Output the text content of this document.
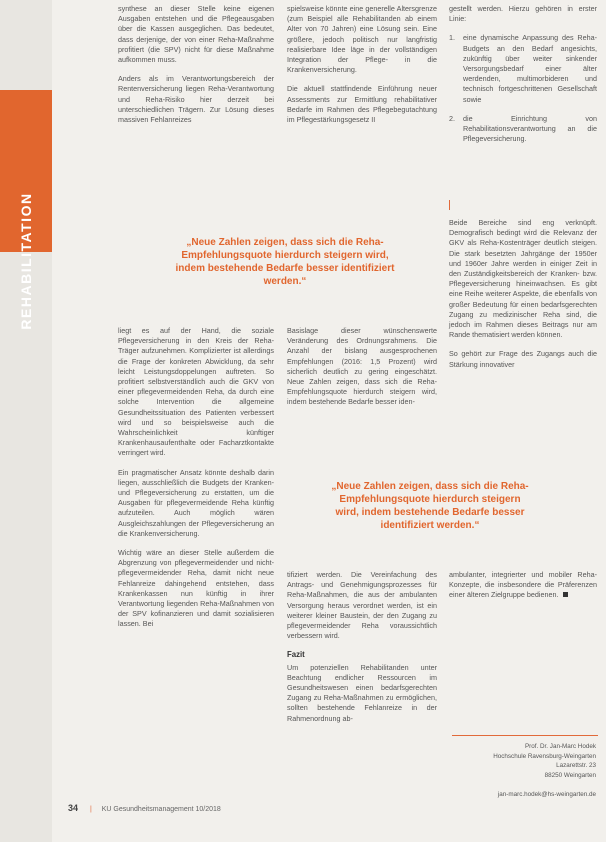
REHABILITATION

synthese an dieser Stelle keine eigenen Ausgaben entstehen und die Pflegeausgaben über die Kassen ausgeglichen. Das bedeutet, dass derjenige, der von einer Reha-Maßnahme profitiert (die SPV) nicht für diese Maßnahme aufkommen muss.

Anders als im Verantwortungsbereich der Rentenversicherung liegen Reha-Verantwortung und Reha-Risiko hier derzeit bei unterschiedlichen Trägern. Zur Lösung dieses massiven Fehlanreizes

spielsweise könnte eine generelle Altersgrenze (zum Beispiel alle Rehabilitanden ab einem Alter von 70 Jahren) eine Lösung sein. Eine größere, jedoch politisch nur langfristig realisierbare Idee läge in der vollständigen Integration der Pflege- in die Krankenversicherung.

Die aktuell stattfindende Einführung neuer Assessments zur Ermittlung rehabilitativer Bedarfe im Rahmen des Pflegebegutachtung im Pflegestärkungsgesetz II

gestellt werden. Hierzu gehören in erster Linie:

1. eine dynamische Anpassung des Reha-Budgets an den Bedarf angesichts, zukünftig über weiter sinkender Versorgungsbedarf einer älter werdenden, multimorbideren und technisch fortgeschrittenen Gesellschaft sowie
2. die Einrichtung von Rehabilitationsverantwortung an die Pflegeversicherung.

Beide Bereiche sind eng verknüpft. Demografisch bedingt wird die Relevanz der GKV als Reha-Kostenträger deutlich steigen. Die stark besetzten Jahrgänge der 1950er und 1960er Jahre werden in einiger Zeit in den Zuständigkeitsbereich der Kranken- bzw. Pflegeversicherung hineinwachsen. Es gibt eine Reihe weiterer Aspekte, die ebenfalls von großer Bedeutung für einen bedarfsgerechten Zugang zu medizinischer Reha sind, die jedoch im Rahmen dieses Beitrags nur am Rande thematisiert werden können.

So gehört zur Frage des Zugangs auch die Stärkung innovativer

„Neue Zahlen zeigen, dass sich die Reha-Empfehlungsquote hierdurch steigern wird, indem bestehende Bedarfe besser identifiziert werden.“

liegt es auf der Hand, die soziale Pflegeversicherung in den Kreis der Reha-Träger aufzunehmen. Komplizierter ist allerdings die Frage der konkreten Abwicklung, da sehr leicht Leistungsdoppelungen auftreten. So profitiert selbstverständlich auch die GKV von einer pflegevermeidenden Reha, da durch eine solche Intervention die allgemeine Gesundheitssituation des Patienten verbessert wird und so beispielsweise auch die Wahrscheinlichkeit künftiger Krankenhausaufenthalte oder Facharztkontakte verringert wird.

Ein pragmatischer Ansatz könnte deshalb darin liegen, ausschließlich die Budgets der Kranken- und Pflegeversicherung zu erstatten, um die Ausgaben für pflegevermeidende Reha künftig aufzuteilen. Auch möglich wären Ausgleichszahlungen der Pflegeversicherung an die Krankenversicherung.

Wichtig wäre an dieser Stelle außerdem die Abgrenzung von pflegevermeidender und nicht-pflegevermeidender Reha, damit nicht neue Fehlanreize dahingehend entstehen, dass Krankenkassen nun künftig in ihrer Verantwortung liegenden Reha-Maßnahmen von der SPV kofinanzieren und damit sozialisieren lassen. Bei

Basislage dieser wünschenswerte Veränderung des Ordnungsrahmens. Die Anzahl der bislang ausgesprochenen Empfehlungen (2016: 1,5 Prozent) wird sicherlich deutlich zu gering eingeschätzt. Neue Zahlen zeigen, dass sich die Reha-Empfehlungsquote hierdurch steigern wird, indem bestehende Bedarfe besser iden-

„Neue Zahlen zeigen, dass sich die Reha-Empfehlungsquote hierdurch steigern wird, indem bestehende Bedarfe besser identifiziert werden.“

tifiziert werden. Die Vereinfachung des Antrags- und Genehmigungsprozesses für Reha-Maßnahmen, die aus der ambulanten Versorgung heraus verordnet werden, ist ein weiterer kleiner Baustein, der den Zugang zu pflegevermeidender Reha voraussichtlich verbessern wird.

Fazit

Um potenziellen Rehabilitanden unter Beachtung endlicher Ressourcen im Gesundheitswesen einen bedarfsgerechten Zugang zu Reha-Maßnahmen zu ermöglichen, sollten bestehende Fehlanreize in der Rahmenordnung ab-

ambulanter, integrierter und mobiler Reha-Konzepte, die insbesondere die Präferenzen einer älteren Zielgruppe bedienen.

Prof. Dr. Jan-Marc Hodek
Hochschule Ravensburg-Weingarten
Lazarettstr. 23
88250 Weingarten
jan-marc.hodek@hs-weingarten.de
34 | KU Gesundheitsmanagement 10/2018
